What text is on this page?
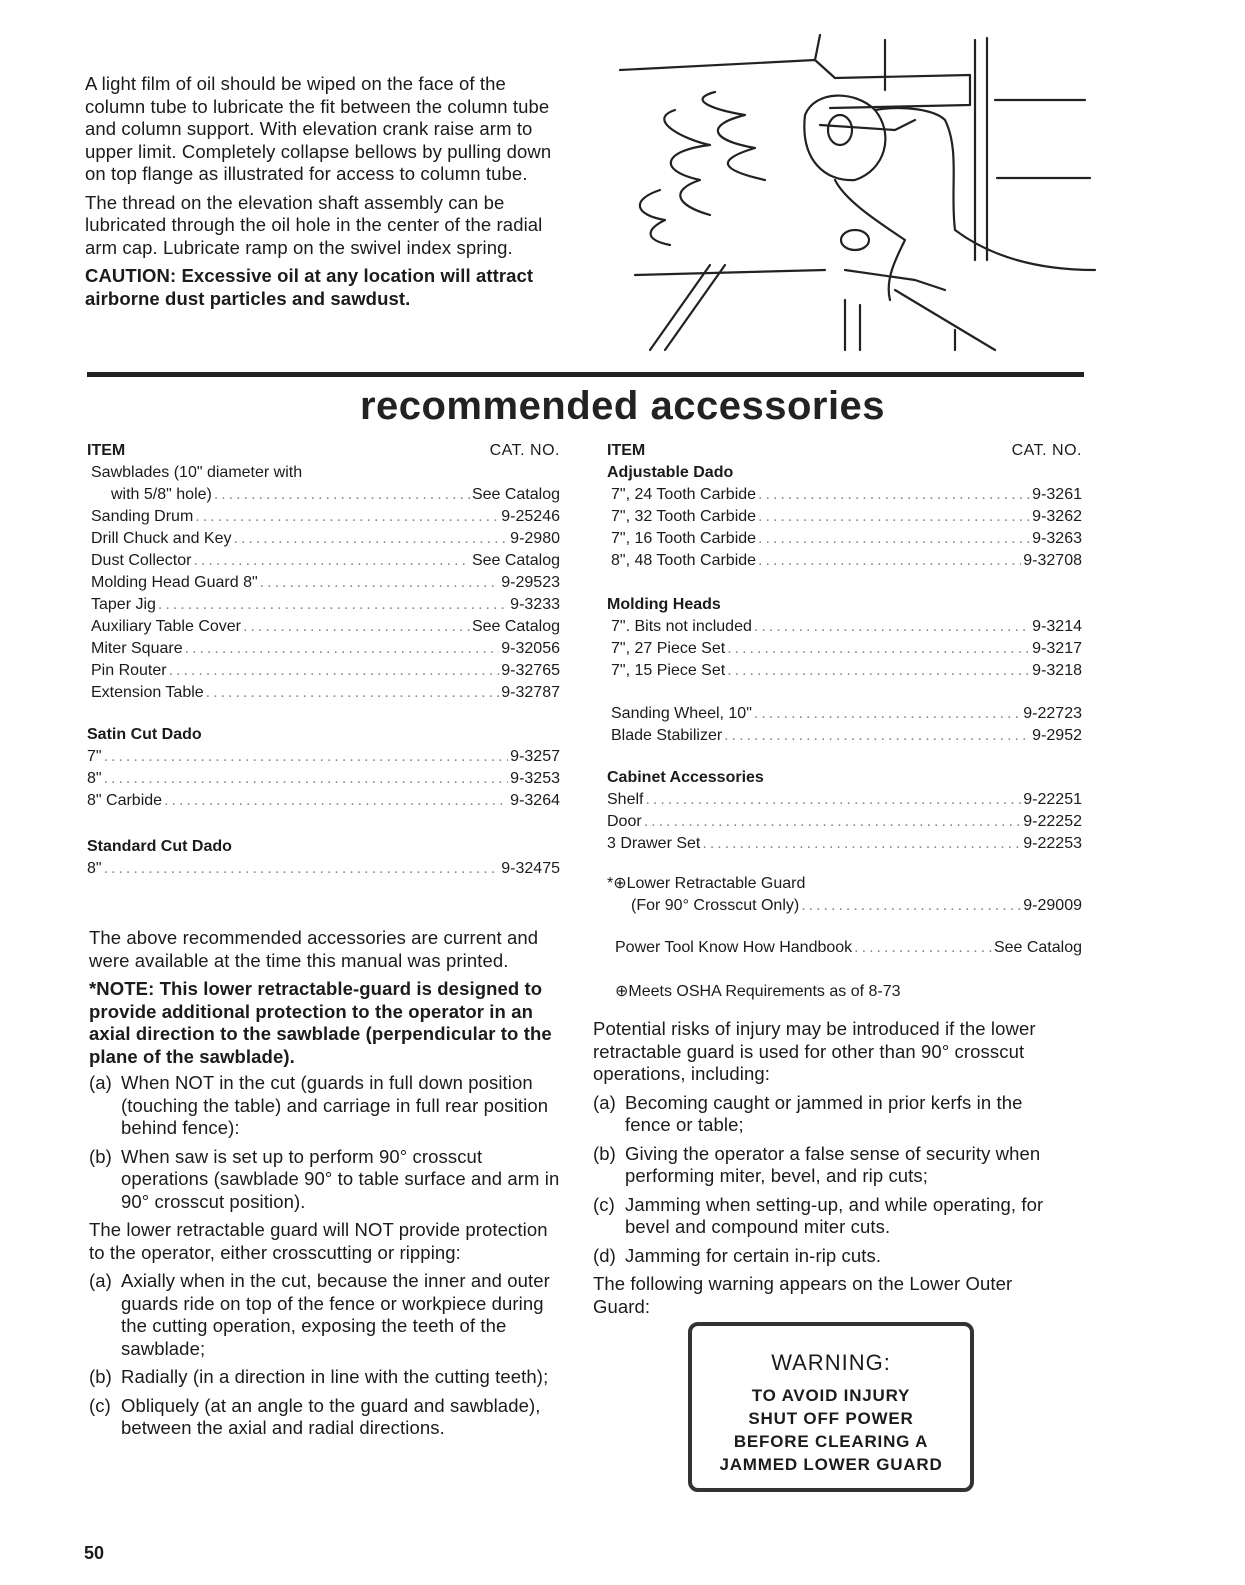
A light film of oil should be wiped on the face of the column tube to lubricate the fit between the column tube and column support. With elevation crank raise arm to upper limit. Completely collapse bellows by pulling down on top flange as illustrated for access to column tube.

The thread on the elevation shaft assembly can be lubricated through the oil hole in the center of the radial arm cap. Lubricate ramp on the swivel index spring.

CAUTION: Excessive oil at any location will attract airborne dust particles and sawdust.

recommended accessories
ITEM	CAT. NO.
Sawblades (10" diameter with
with 5/8" hole) .....	See Catalog
Sanding Drum .....	9-25246
Drill Chuck and Key .....	9-2980
Dust Collector .....	See Catalog
Molding Head Guard 8" .....	9-29523
Taper Jig .....	9-3233
Auxiliary Table Cover .....	See Catalog
Miter Square .....	9-32056
Pin Router .....	9-32765
Extension Table .....	9-32787
Satin Cut Dado
7" .....	9-3257
8" .....	9-3253
8" Carbide .....	9-3264
Standard Cut Dado
8" .....	9-32475
ITEM	CAT. NO.
Adjustable Dado
7", 24 Tooth Carbide .....	9-3261
7", 32 Tooth Carbide .....	9-3262
7", 16 Tooth Carbide .....	9-3263
8", 48 Tooth Carbide .....	9-32708
Molding Heads
7". Bits not included .....	9-3214
7", 27 Piece Set .....	9-3217
7", 15 Piece Set .....	9-3218
Sanding Wheel, 10" .....	9-22723
Blade Stabilizer .....	9-2952
Cabinet Accessories
Shelf .....	9-22251
Door .....	9-22252
3 Drawer Set .....	9-22253
*⊕Lower Retractable Guard
(For 90° Crosscut Only) .....	9-29009
Power Tool Know How Handbook .....	See Catalog
⊕Meets OSHA Requirements as of 8-73

The above recommended accessories are current and were available at the time this manual was printed.

*NOTE: This lower retractable-guard is designed to provide additional protection to the operator in an axial direction to the sawblade (perpendicular to the plane of the sawblade).

(a) When NOT in the cut (guards in full down position (touching the table) and carriage in full rear position behind fence):
(b) When saw is set up to perform 90° crosscut operations (sawblade 90° to table surface and arm in 90° crosscut position).

The lower retractable guard will NOT provide protection to the operator, either crosscutting or ripping:

(a) Axially when in the cut, because the inner and outer guards ride on top of the fence or workpiece during the cutting operation, exposing the teeth of the sawblade;
(b) Radially (in a direction in line with the cutting teeth);
(c) Obliquely (at an angle to the guard and sawblade), between the axial and radial directions.

Potential risks of injury may be introduced if the lower retractable guard is used for other than 90° crosscut operations, including:

(a) Becoming caught or jammed in prior kerfs in the fence or table;
(b) Giving the operator a false sense of security when performing miter, bevel, and rip cuts;
(c) Jamming when setting-up, and while operating, for bevel and compound miter cuts.
(d) Jamming for certain in-rip cuts.

The following warning appears on the Lower Outer Guard:

WARNING:
TO AVOID INJURY
SHUT OFF POWER
BEFORE CLEARING A
JAMMED LOWER GUARD
50
